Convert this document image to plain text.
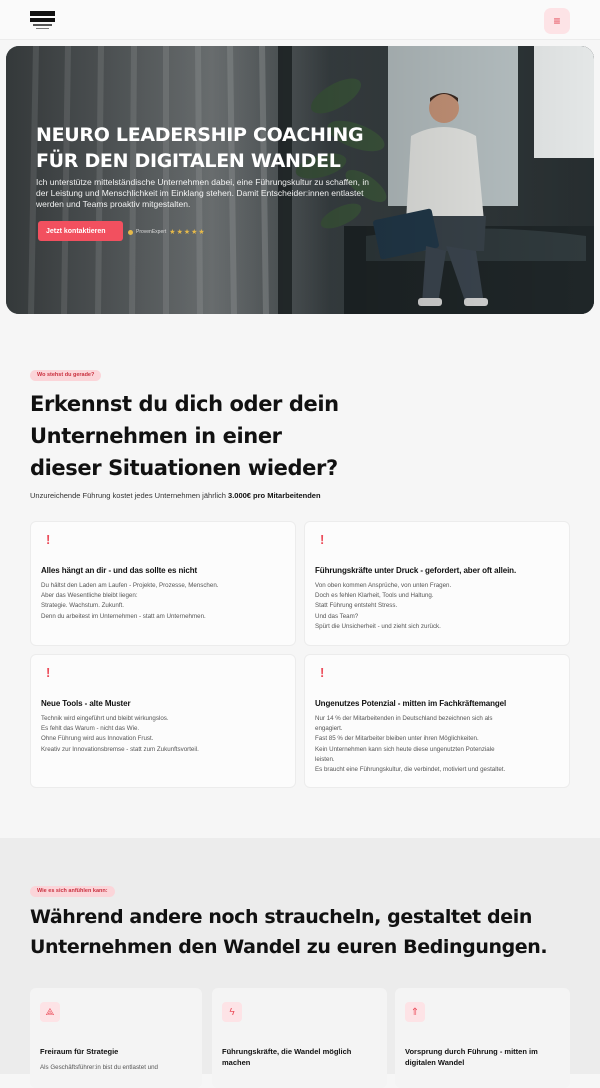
≡
NEURO LEADERSHIP COACHING FÜR DEN DIGITALEN WANDEL

Ich unterstütze mittelständische Unternehmen dabei, eine Führungskultur zu schaffen, in der Leistung und Menschlichkeit im Einklang stehen. Damit Entscheider:innen entlastet werden und Teams proaktiv mitgestalten.

Jetzt kontaktieren	ProvenExpert ★★★★★
Wo stehst du gerade?
Erkennst du dich oder dein Unternehmen in einer dieser Situationen wieder?

Unzureichende Führung kostet jedes Unternehmen jährlich 3.000€ pro Mitarbeitenden

!
Alles hängt an dir - und das sollte es nicht
Du hältst den Laden am Laufen - Projekte, Prozesse, Menschen.
Aber das Wesentliche bleibt liegen:
Strategie. Wachstum. Zukunft.
Denn du arbeitest im Unternehmen - statt am Unternehmen.
!
Führungskräfte unter Druck - gefordert, aber oft allein.
Von oben kommen Ansprüche, von unten Fragen.
Doch es fehlen Klarheit, Tools und Haltung.
Statt Führung entsteht Stress.
Und das Team?
Spürt die Unsicherheit - und zieht sich zurück.
!
Neue Tools - alte Muster
Technik wird eingeführt und bleibt wirkungslos.
Es fehlt das Warum - nicht das Wie.
Ohne Führung wird aus Innovation Frust.
Kreativ zur Innovationsbremse - statt zum Zukunftsvorteil.
!
Ungenutzes Potenzial - mitten im Fachkräftemangel
Nur 14 % der Mitarbeitenden in Deutschland bezeichnen sich als
engagiert.
Fast 85 % der Mitarbeiter bleiben unter ihren Möglichkeiten.
Kein Unternehmen kann sich heute diese ungenutzten Potenziale
leisten.
Es braucht eine Führungskultur, die verbindet, motiviert und gestaltet.
Wie es sich anfühlen kann:
Während andere noch straucheln, gestaltet dein Unternehmen den Wandel zu euren Bedingungen.
⟁
Freiraum für Strategie

Als Geschäftsführer:in bist du entlastet und

ϟ
Führungskräfte, die Wandel möglich machen
⇑
Vorsprung durch Führung - mitten im digitalen Wandel
